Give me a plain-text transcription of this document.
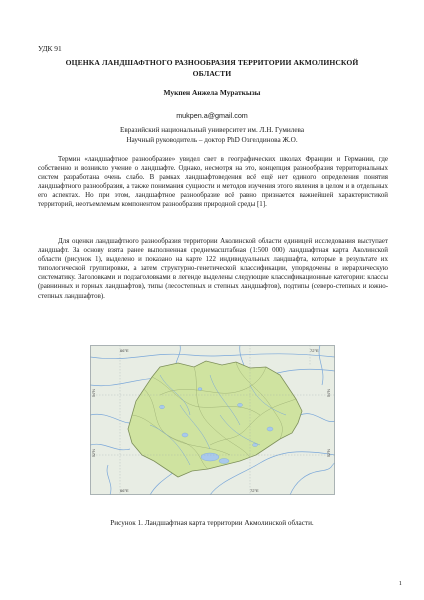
УДК 91
ОЦЕНКА ЛАНДШАФТНОГО РАЗНООБРАЗИЯ ТЕРРИТОРИИ АКМОЛИНСКОЙ
ОБЛАСТИ
Мукпен Анжела Мураткызы
mukpen.a@gmail.com
Евразийский национальный университет им. Л.Н. Гумилева
Научный руководитель – доктор PhD Озгелдинова Ж.О.

Термин «ландшафтное разнообразие» увидел свет в географических школах Франции и Германии, где собственно и возникло учение о ландшафте. Однако, несмотря на это, концепция разнообразия территориальных систем разработана очень слабо. В рамках ландшафтоведения всё ещё нет единого определения понятия ландшафтного разнообразия, а также понимания сущности и методов изучения этого явления в целом и в отдельных его аспектах. Но при этом, ландшафтное разнообразие всё равно признается важнейшей характеристикой территорий, неотъемлемым компонентом разнообразия природной среды [1].

Для оценки ландшафтного разнообразия территории Аколинской области единицей исследования выступает ландшафт. За основу взята ранее выполненная среднемасштабная (1:500 000) ландшафтная карта Аколинской области (рисунок 1), выделено и показано на карте 122 индивидуальных ландшафта, которые в результате их типологической группировки, а затем структурно-генетической классификации, упорядочены в иерархическую систематику. Заголовками и подзаголовками в легенде выделены следующие классификационные категории: классы (равнинных и горных ландшафтов), типы (лесостепных и степных ландшафтов), подтипы (северо-степных и южно-степных ландшафтов).

66°E	72°E
66°E	72°E
54°N
52°N
54°N
52°N
Рисунок 1. Ландшафтная карта территории Акмолинской области.
1
